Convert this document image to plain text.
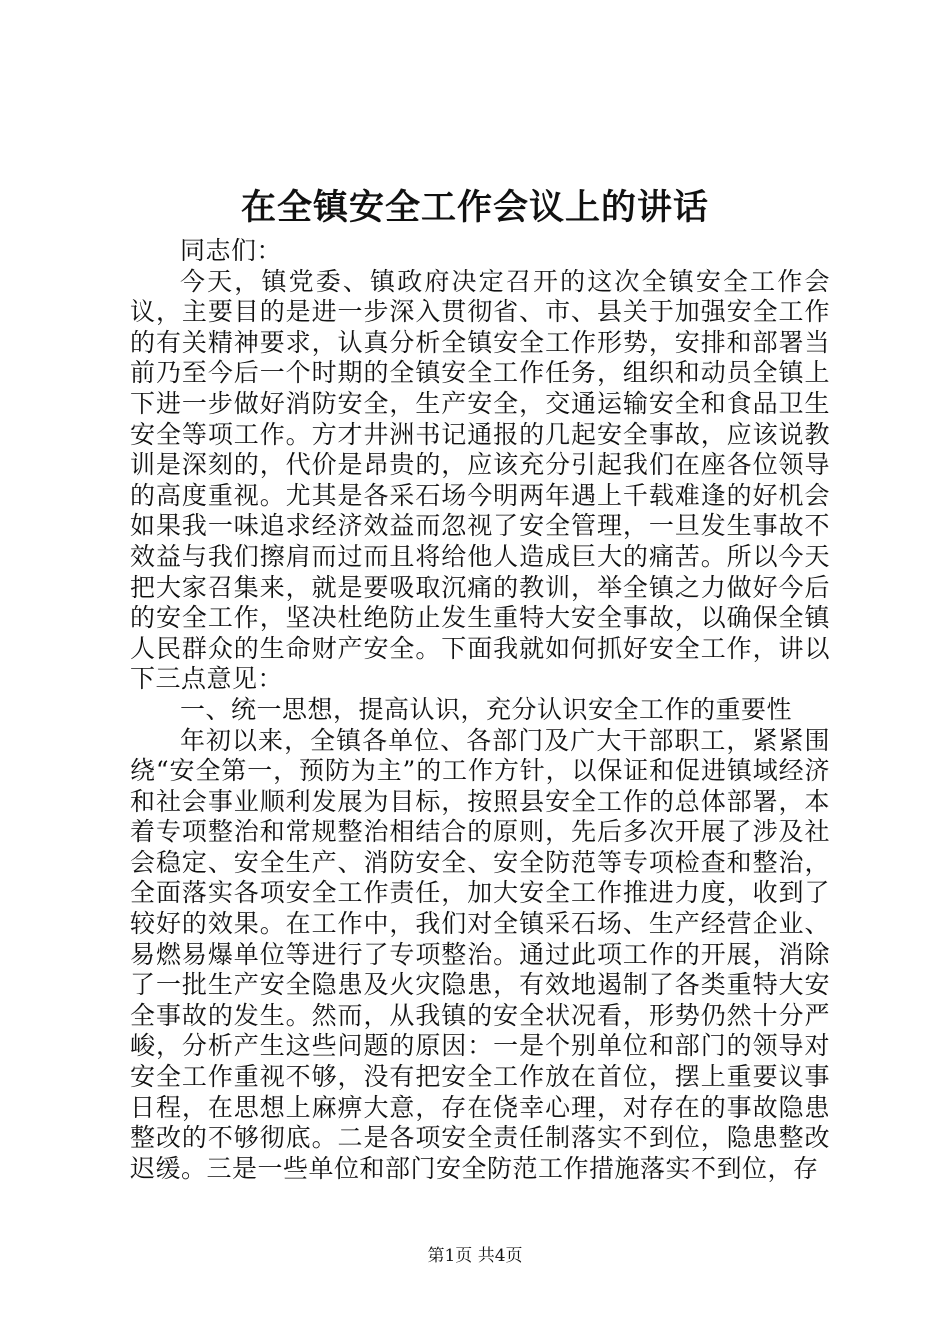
在全镇安全工作会议上的讲话

同志们：

今天，镇党委、镇政府决定召开的这次全镇安全工作会议，主要目的是进一步深入贯彻省、市、县关于加强安全工作的有关精神要求，认真分析全镇安全工作形势，安排和部署当前乃至今后一个时期的全镇安全工作任务，组织和动员全镇上下进一步做好消防安全，生产安全，交通运输安全和食品卫生安全等项工作。方才井洲书记通报的几起安全事故，应该说教训是深刻的，代价是昂贵的，应该充分引起我们在座各位领导的高度重视。尤其是各采石场今明两年遇上千载难逢的好机会如果我一味追求经济效益而忽视了安全管理，一旦发生事故不效益与我们擦肩而过而且将给他人造成巨大的痛苦。所以今天把大家召集来，就是要吸取沉痛的教训，举全镇之力做好今后的安全工作，坚决杜绝防止发生重特大安全事故，以确保全镇人民群众的生命财产安全。下面我就如何抓好安全工作，讲以下三点意见：

一、统一思想，提高认识，充分认识安全工作的重要性

年初以来，全镇各单位、各部门及广大干部职工，紧紧围绕“安全第一，预防为主”的工作方针，以保证和促进镇域经济和社会事业顺利发展为目标，按照县安全工作的总体部署，本着专项整治和常规整治相结合的原则，先后多次开展了涉及社会稳定、安全生产、消防安全、安全防范等专项检查和整治，全面落实各项安全工作责任，加大安全工作推进力度，收到了较好的效果。在工作中，我们对全镇采石场、生产经营企业、易燃易爆单位等进行了专项整治。通过此项工作的开展，消除了一批生产安全隐患及火灾隐患，有效地遏制了各类重特大安全事故的发生。然而，从我镇的安全状况看，形势仍然十分严峻，分析产生这些问题的原因：一是个别单位和部门的领导对安全工作重视不够，没有把安全工作放在首位，摆上重要议事日程，在思想上麻痹大意，存在侥幸心理，对存在的事故隐患整改的不够彻底。二是各项安全责任制落实不到位，隐患整改迟缓。三是一些单位和部门安全防范工作措施落实不到位，存

第1页 共4页
